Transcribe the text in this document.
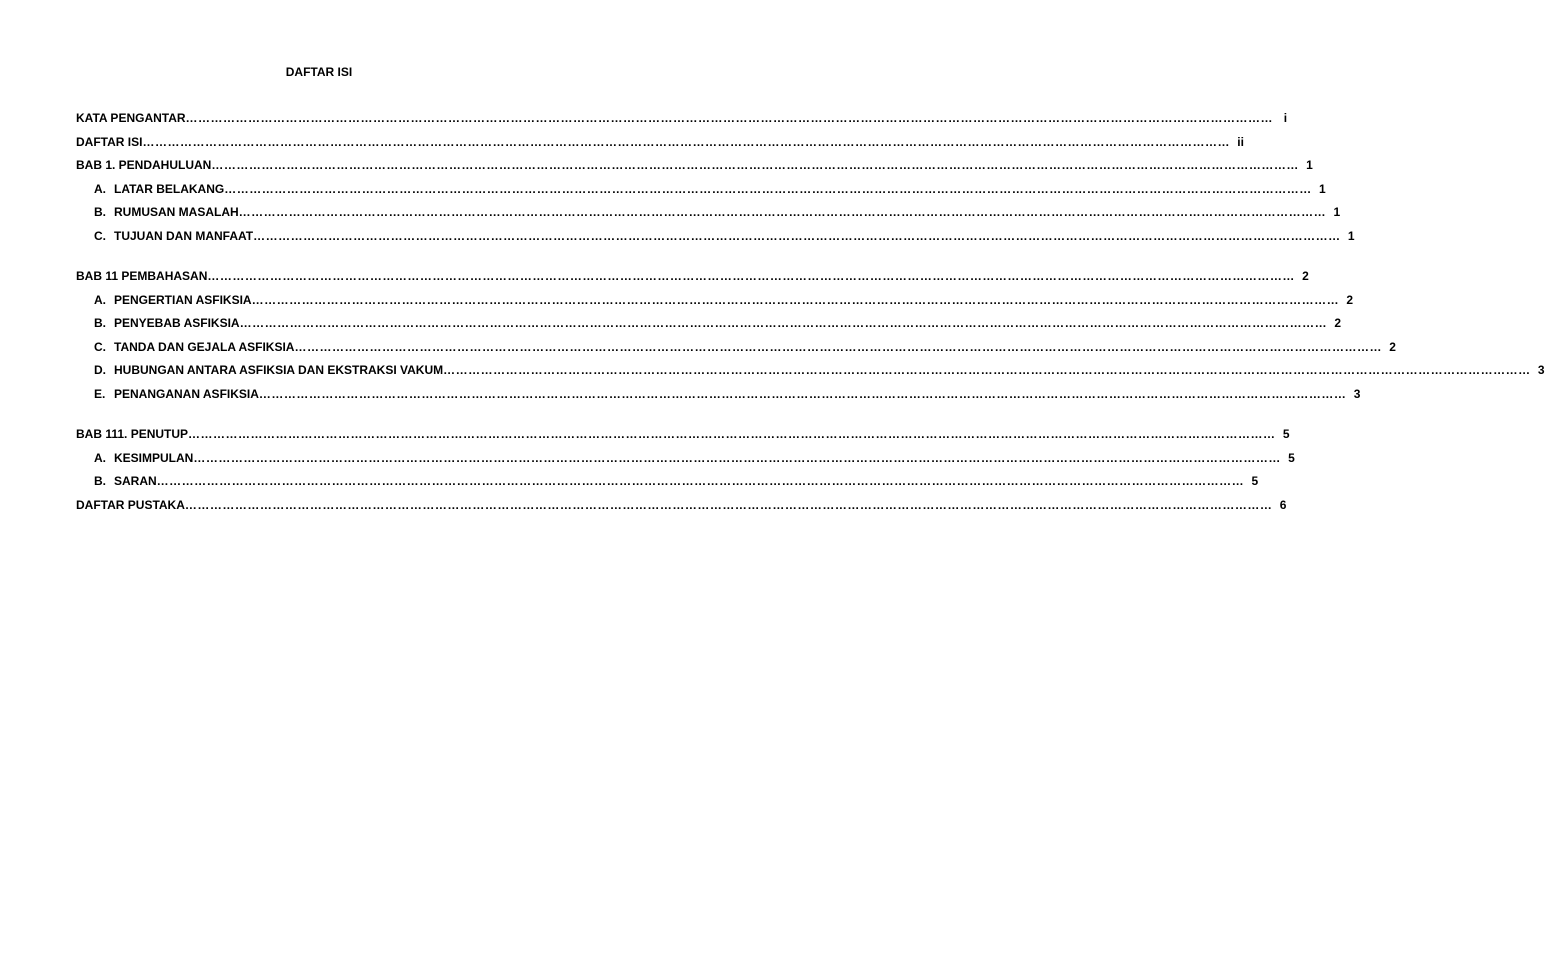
DAFTAR ISI
KATA PENGANTAR ……………………………………………………………………………………………………………………………………………………………………………………………………………………………………… i
DAFTAR ISI ……………………………………………………………………………………………………………………………………………………………………………………………………………………………………… ii
BAB 1. PENDAHULUAN ……………………………………………………………………………………………………………………………………………………………………………………………………………………………………… 1
A. LATAR BELAKANG ……………………………………………………………………………………………………………………………………………………………………………………………………………………………………… 1
B. RUMUSAN MASALAH ……………………………………………………………………………………………………………………………………………………………………………………………………………………………………… 1
C. TUJUAN DAN MANFAAT ……………………………………………………………………………………………………………………………………………………………………………………………………………………………………… 1
BAB 11 PEMBAHASAN ……………………………………………………………………………………………………………………………………………………………………………………………………………………………………… 2
A. PENGERTIAN ASFIKSIA ……………………………………………………………………………………………………………………………………………………………………………………………………………………………………… 2
B. PENYEBAB ASFIKSIA ……………………………………………………………………………………………………………………………………………………………………………………………………………………………………… 2
C. TANDA DAN GEJALA ASFIKSIA ……………………………………………………………………………………………………………………………………………………………………………………………………………………………………… 2
D. HUBUNGAN ANTARA ASFIKSIA DAN EKSTRAKSI VAKUM ……………………………………………………………………………………………………………………………………………………………………………………………………………………………………… 3
E. PENANGANAN ASFIKSIA ……………………………………………………………………………………………………………………………………………………………………………………………………………………………………… 3
BAB 111. PENUTUP ……………………………………………………………………………………………………………………………………………………………………………………………………………………………………… 5
A. KESIMPULAN ……………………………………………………………………………………………………………………………………………………………………………………………………………………………………… 5
B. SARAN ……………………………………………………………………………………………………………………………………………………………………………………………………………………………………… 5
DAFTAR PUSTAKA ……………………………………………………………………………………………………………………………………………………………………………………………………………………………………… 6
